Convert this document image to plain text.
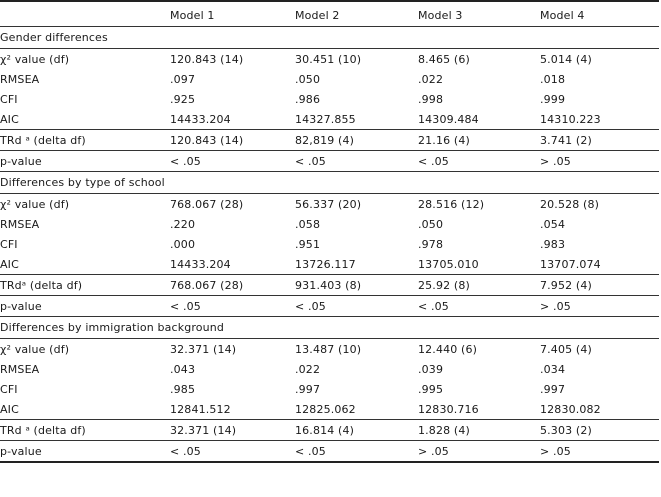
	Model 1	Model 2	Model 3	Model 4
Gender differences				
χ² value (df)	120.843 (14)	30.451 (10)	8.465 (6)	5.014 (4)
RMSEA	.097	.050	.022	.018
CFI	.925	.986	.998	.999
AIC	14433.204	14327.855	14309.484	14310.223
TRd ᵃ (delta df)	120.843 (14)	82,819 (4)	21.16 (4)	3.741 (2)
p-value	< .05	< .05	< .05	> .05
Differences by type of school				
χ² value (df)	768.067 (28)	56.337 (20)	28.516 (12)	20.528 (8)
RMSEA	.220	.058	.050	.054
CFI	.000	.951	.978	.983
AIC	14433.204	13726.117	13705.010	13707.074
TRdᵃ (delta df)	768.067 (28)	931.403 (8)	25.92 (8)	7.952 (4)
p-value	< .05	< .05	< .05	> .05
Differences by immigration background				
χ² value (df)	32.371 (14)	13.487 (10)	12.440 (6)	7.405 (4)
RMSEA	.043	.022	.039	.034
CFI	.985	.997	.995	.997
AIC	12841.512	12825.062	12830.716	12830.082
TRd ᵃ (delta df)	32.371 (14)	16.814 (4)	1.828 (4)	5.303 (2)
p-value	< .05	< .05	> .05	> .05
